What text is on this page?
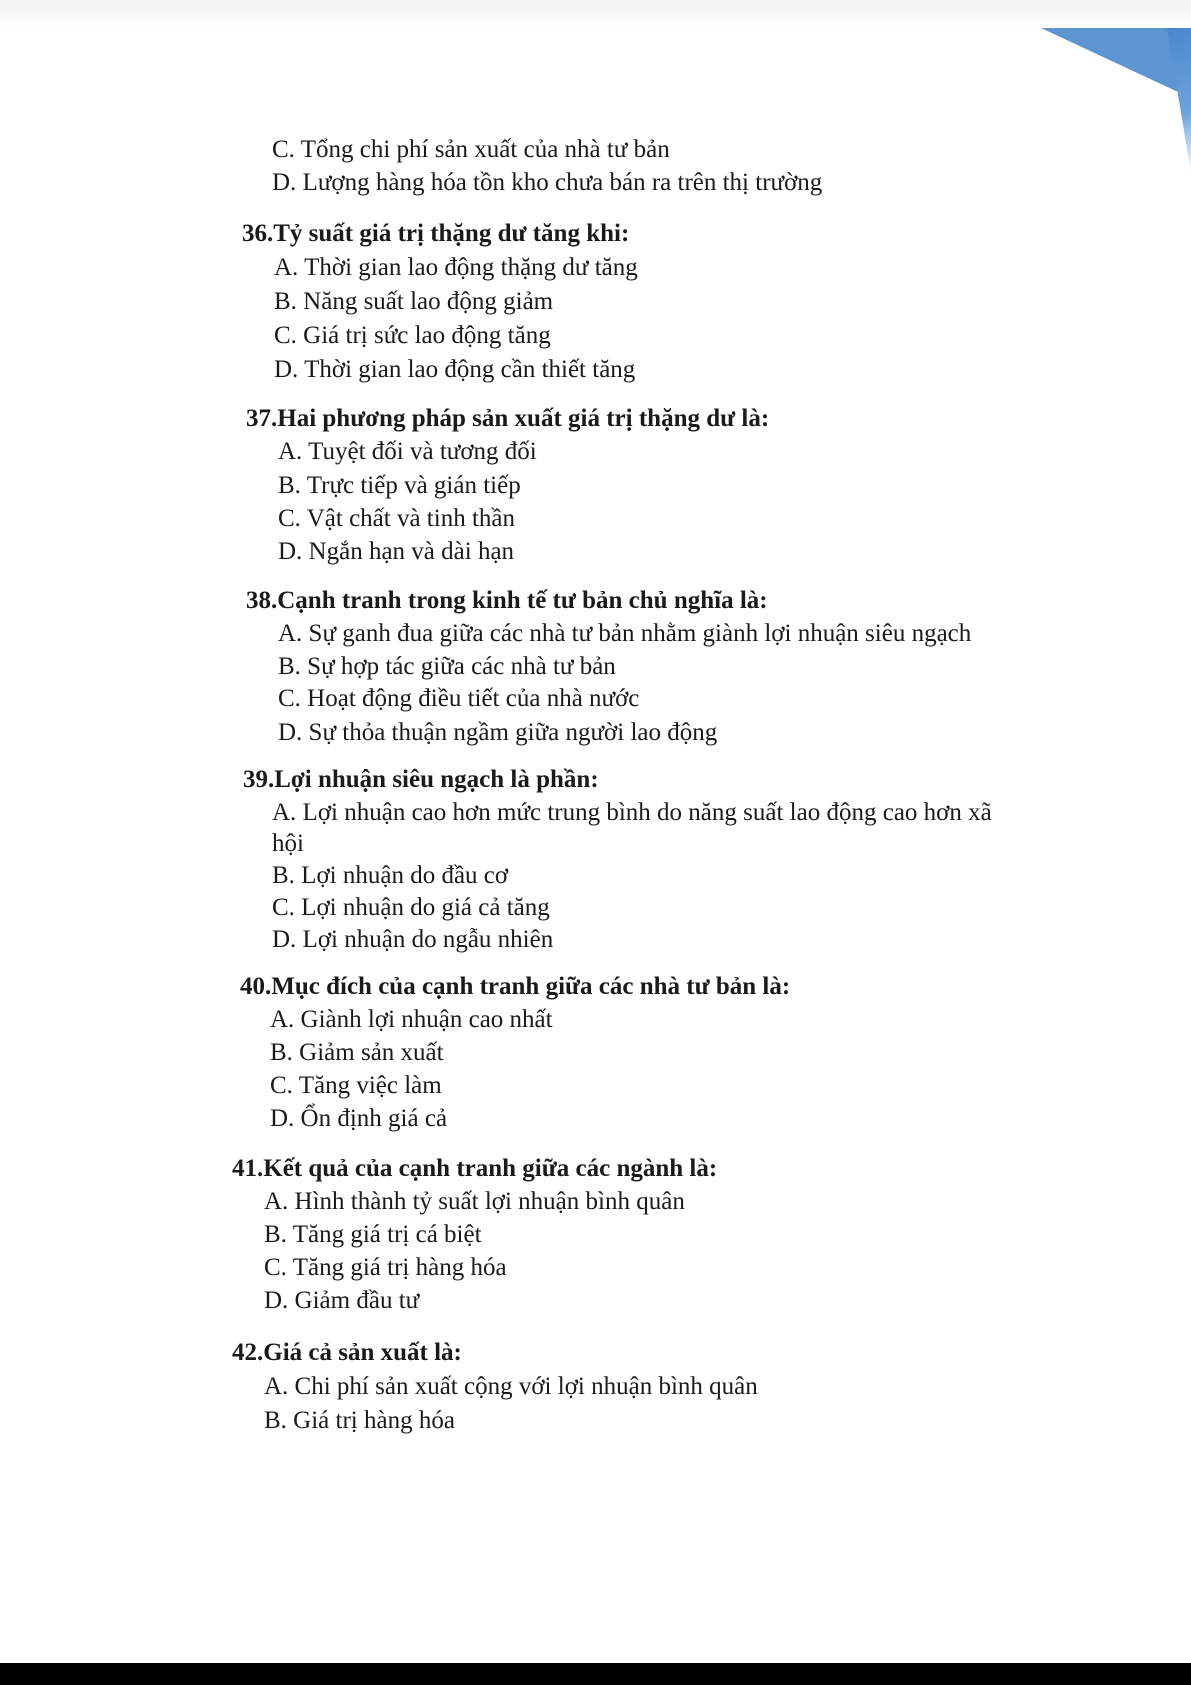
C. Tổng chi phí sản xuất của nhà tư bản
D. Lượng hàng hóa tồn kho chưa bán ra trên thị trường
36.Tỷ suất giá trị thặng dư tăng khi:
A. Thời gian lao động thặng dư tăng
B. Năng suất lao động giảm
C. Giá trị sức lao động tăng
D. Thời gian lao động cần thiết tăng
37.Hai phương pháp sản xuất giá trị thặng dư là:
A. Tuyệt đối và tương đối
B. Trực tiếp và gián tiếp
C. Vật chất và tinh thần
D. Ngắn hạn và dài hạn
38.Cạnh tranh trong kinh tế tư bản chủ nghĩa là:
A. Sự ganh đua giữa các nhà tư bản nhằm giành lợi nhuận siêu ngạch
B. Sự hợp tác giữa các nhà tư bản
C. Hoạt động điều tiết của nhà nước
D. Sự thỏa thuận ngầm giữa người lao động
39.Lợi nhuận siêu ngạch là phần:
A. Lợi nhuận cao hơn mức trung bình do năng suất lao động cao hơn xã
hội
B. Lợi nhuận do đầu cơ
C. Lợi nhuận do giá cả tăng
D. Lợi nhuận do ngẫu nhiên
40.Mục đích của cạnh tranh giữa các nhà tư bản là:
A. Giành lợi nhuận cao nhất
B. Giảm sản xuất
C. Tăng việc làm
D. Ổn định giá cả
41.Kết quả của cạnh tranh giữa các ngành là:
A. Hình thành tỷ suất lợi nhuận bình quân
B. Tăng giá trị cá biệt
C. Tăng giá trị hàng hóa
D. Giảm đầu tư
42.Giá cả sản xuất là:
A. Chi phí sản xuất cộng với lợi nhuận bình quân
B. Giá trị hàng hóa
